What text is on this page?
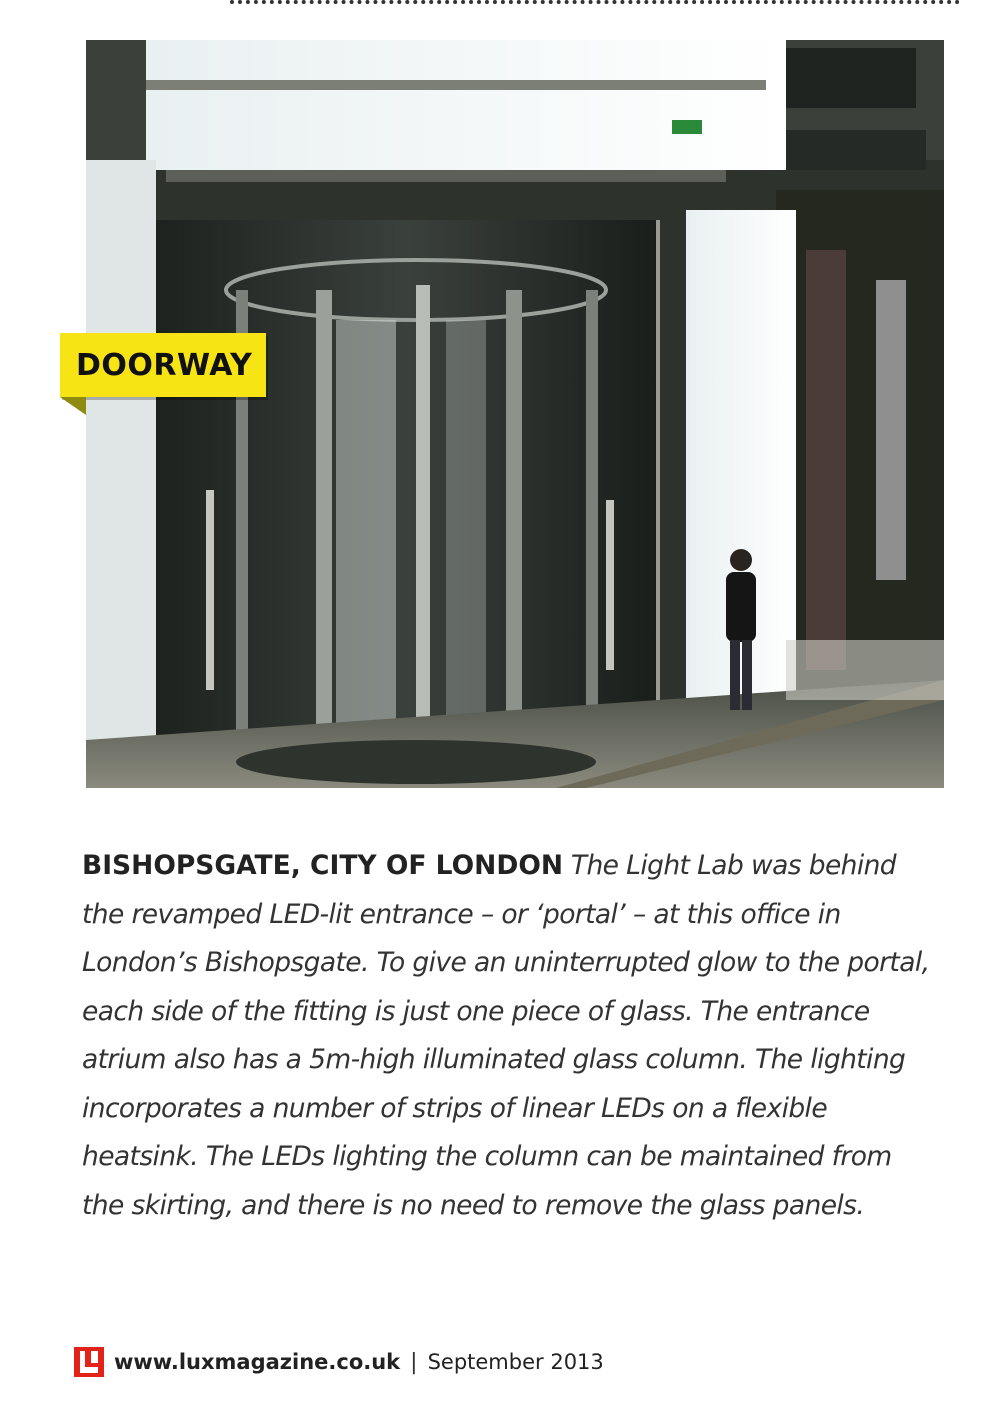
DOORWAY
BISHOPSGATE, CITY OF LONDON The Light Lab was behind the revamped LED-lit entrance – or ‘portal’ – at this office in London’s Bishopsgate. To give an uninterrupted glow to the portal, each side of the fitting is just one piece of glass. The entrance atrium also has a 5m-high illuminated glass column. The lighting incorporates a number of strips of linear LEDs on a flexible heatsink. The LEDs lighting the column can be maintained from the skirting, and there is no need to remove the glass panels.
www.luxmagazine.co.uk | September 2013
